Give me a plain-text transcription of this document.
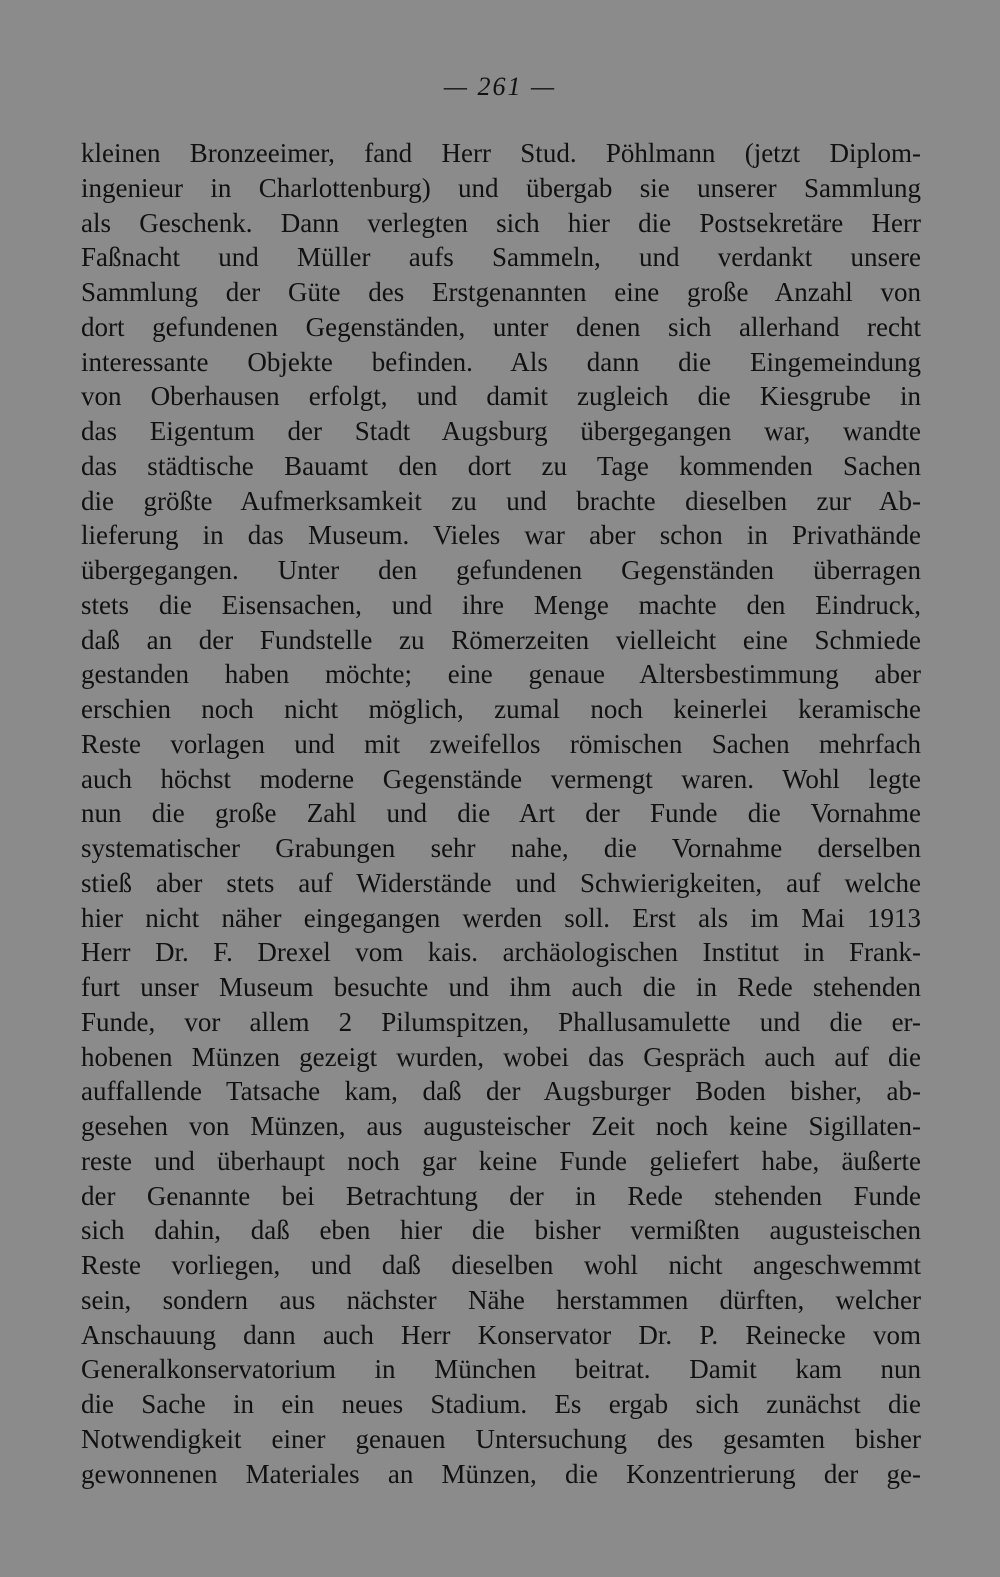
— 261 —
kleinen Bronzeeimer, fand Herr Stud. Pöhlmann (jetzt Diplom-
ingenieur in Charlottenburg) und übergab sie unserer Sammlung
als Geschenk. Dann verlegten sich hier die Postsekretäre Herr
Faßnacht und Müller aufs Sammeln, und verdankt unsere
Sammlung der Güte des Erstgenannten eine große Anzahl von
dort gefundenen Gegenständen, unter denen sich allerhand recht
interessante Objekte befinden. Als dann die Eingemeindung
von Oberhausen erfolgt, und damit zugleich die Kiesgrube in
das Eigentum der Stadt Augsburg übergegangen war, wandte
das städtische Bauamt den dort zu Tage kommenden Sachen
die größte Aufmerksamkeit zu und brachte dieselben zur Ab-
lieferung in das Museum. Vieles war aber schon in Privathände
übergegangen. Unter den gefundenen Gegenständen überragen
stets die Eisensachen, und ihre Menge machte den Eindruck,
daß an der Fundstelle zu Römerzeiten vielleicht eine Schmiede
gestanden haben möchte; eine genaue Altersbestimmung aber
erschien noch nicht möglich, zumal noch keinerlei keramische
Reste vorlagen und mit zweifellos römischen Sachen mehrfach
auch höchst moderne Gegenstände vermengt waren. Wohl legte
nun die große Zahl und die Art der Funde die Vornahme
systematischer Grabungen sehr nahe, die Vornahme derselben
stieß aber stets auf Widerstände und Schwierigkeiten, auf welche
hier nicht näher eingegangen werden soll. Erst als im Mai 1913
Herr Dr. F. Drexel vom kais. archäologischen Institut in Frank-
furt unser Museum besuchte und ihm auch die in Rede stehenden
Funde, vor allem 2 Pilumspitzen, Phallusamulette und die er-
hobenen Münzen gezeigt wurden, wobei das Gespräch auch auf die
auffallende Tatsache kam, daß der Augsburger Boden bisher, ab-
gesehen von Münzen, aus augusteischer Zeit noch keine Sigillaten-
reste und überhaupt noch gar keine Funde geliefert habe, äußerte
der Genannte bei Betrachtung der in Rede stehenden Funde
sich dahin, daß eben hier die bisher vermißten augusteischen
Reste vorliegen, und daß dieselben wohl nicht angeschwemmt
sein, sondern aus nächster Nähe herstammen dürften, welcher
Anschauung dann auch Herr Konservator Dr. P. Reinecke vom
Generalkonservatorium in München beitrat. Damit kam nun
die Sache in ein neues Stadium. Es ergab sich zunächst die
Notwendigkeit einer genauen Untersuchung des gesamten bisher
gewonnenen Materiales an Münzen, die Konzentrierung der ge-
